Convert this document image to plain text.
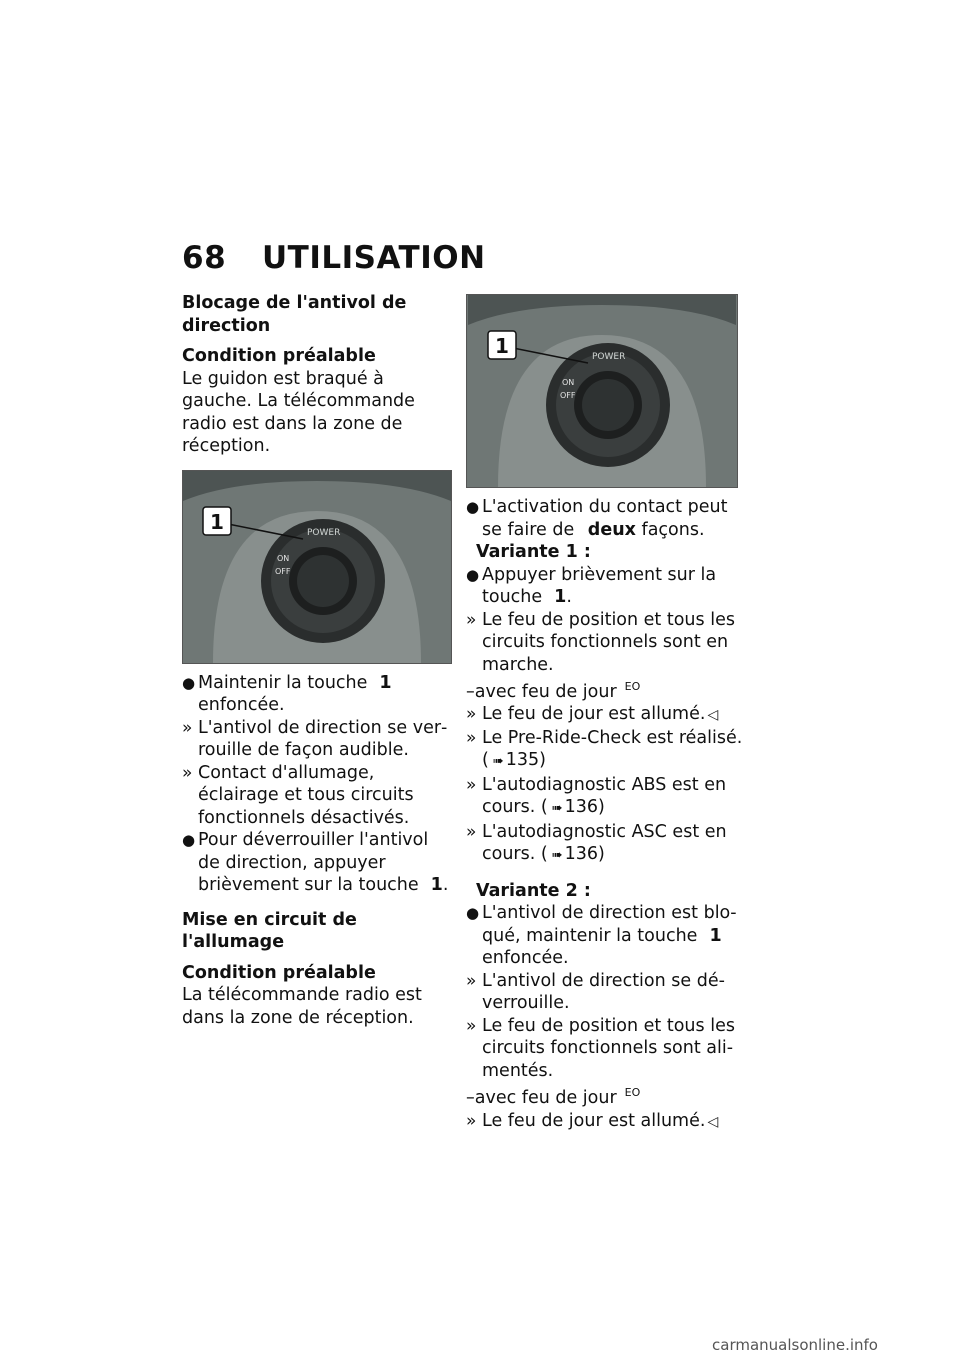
68 UTILISATION
Blocage de l'antivol de direction
Condition préalable

Le guidon est braqué à gauche. La télécommande radio est dans la zone de réception.

POWER
ON
OFF
1

● Maintenir la touche 1 enfoncée.

» L'antivol de direction se verrouille de façon audible.

» Contact d'allumage, éclairage et tous circuits fonctionnels désactivés.

● Pour déverrouiller l'antivol de direction, appuyer brièvement sur la touche 1.

Mise en circuit de l'allumage
Condition préalable

La télécommande radio est dans la zone de réception.

POWER
ON
OFF
1

● L'activation du contact peut se faire de deux façons.

Variante 1 :

● Appuyer brièvement sur la touche 1.

» Le feu de position et tous les circuits fonctionnels sont en marche.

–avec feu de jour $^{EO}$

» Le feu de jour est allumé. ◁

» Le Pre-Ride-Check est réalisé.
( ➠ 135)

» L'autodiagnostic ABS est en cours. ( ➠ 136)

» L'autodiagnostic ASC est en cours. ( ➠ 136)

Variante 2 :

● L'antivol de direction est bloqué, maintenir la touche 1 enfoncée.

» L'antivol de direction se déverrouille.

» Le feu de position et tous les circuits fonctionnels sont alimentés.

–avec feu de jour $^{EO}$

» Le feu de jour est allumé. ◁

carmanualsonline.info
